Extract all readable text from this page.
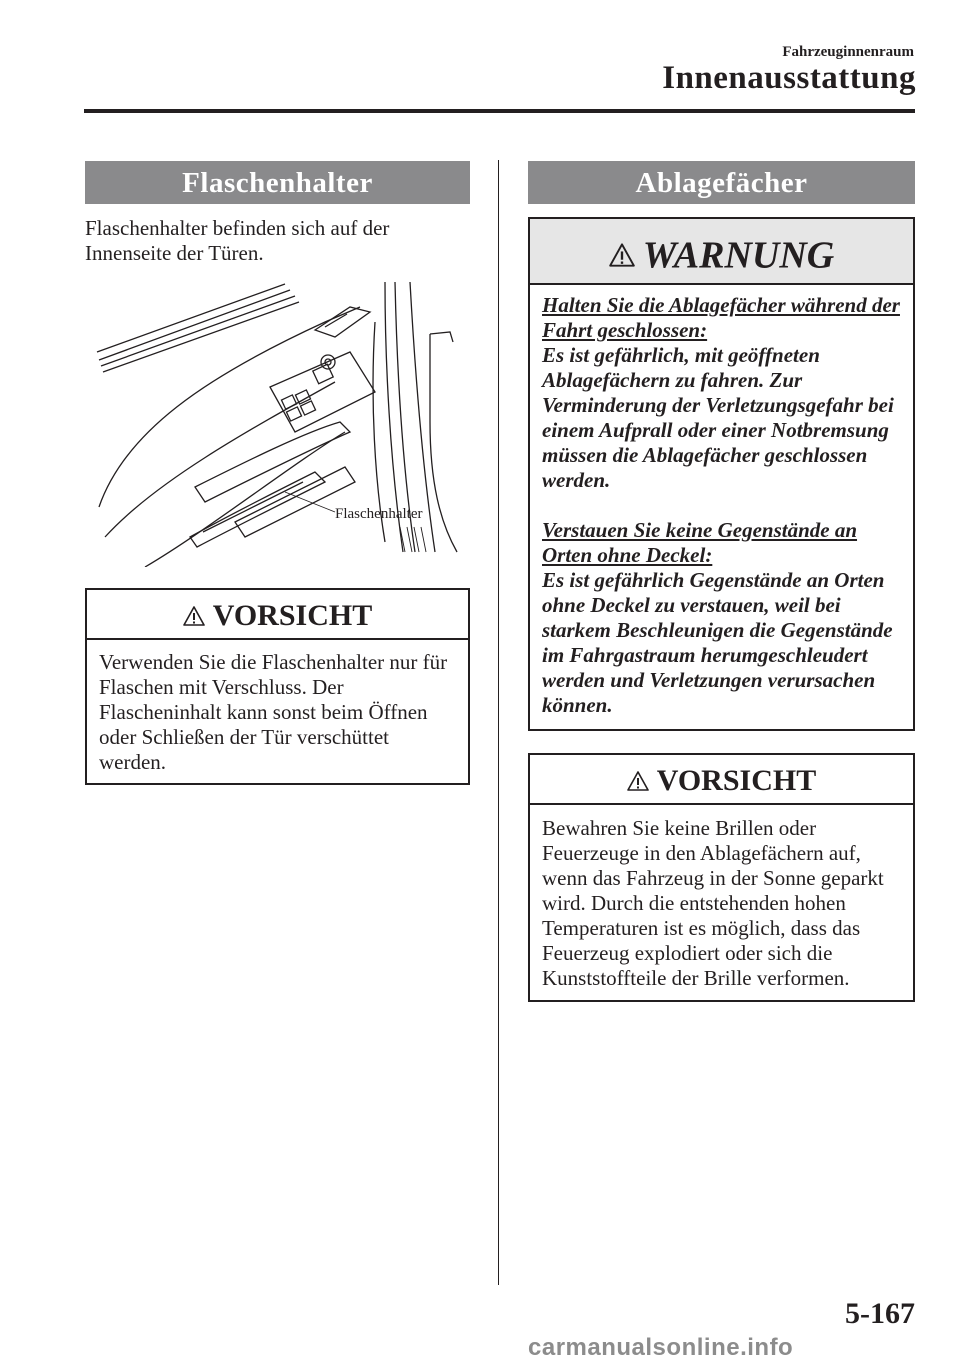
Fahrzeuginnenraum
Innenausstattung
Flaschenhalter

Flaschenhalter befinden sich auf der Innenseite der Türen.

Flaschenhalter
VORSICHT
Verwenden Sie die Flaschenhalter nur für Flaschen mit Verschluss. Der Flascheninhalt kann sonst beim Öffnen oder Schließen der Tür verschüttet werden.
Ablagefächer
WARNUNG

Halten Sie die Ablagefächer während der Fahrt geschlossen:

Es ist gefährlich, mit geöffneten Ablagefächern zu fahren. Zur Verminderung der Verletzungsgefahr bei einem Aufprall oder einer Notbremsung müssen die Ablagefächer geschlossen werden.

Verstauen Sie keine Gegenstände an Orten ohne Deckel:

Es ist gefährlich Gegenstände an Orten ohne Deckel zu verstauen, weil bei starkem Beschleunigen die Gegenstände im Fahrgastraum herumgeschleudert werden und Verletzungen verursachen können.

VORSICHT
Bewahren Sie keine Brillen oder Feuerzeuge in den Ablagefächern auf, wenn das Fahrzeug in der Sonne geparkt wird. Durch die entstehenden hohen Temperaturen ist es möglich, dass das Feuerzeug explodiert oder sich die Kunststoffteile der Brille verformen.
5-167
carmanualsonline.info
